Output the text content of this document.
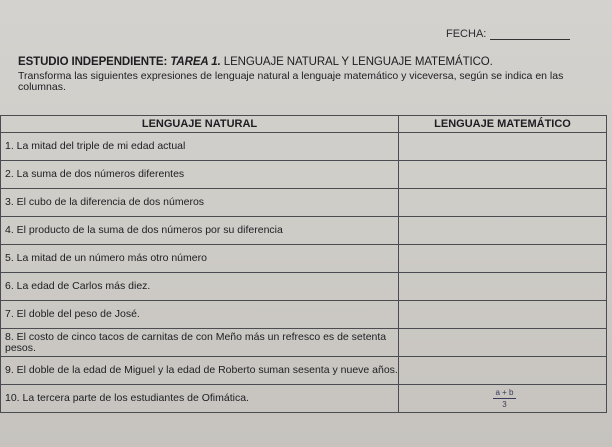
FECHA:
ESTUDIO INDEPENDIENTE: TAREA 1. LENGUAJE NATURAL Y LENGUAJE MATEMÁTICO.
Transforma las siguientes expresiones de lenguaje natural a lenguaje matemático y viceversa, según se indica en las columnas.
LENGUAJE NATURAL	LENGUAJE MATEMÁTICO
1. La mitad del triple de mi edad actual	
2. La suma de dos números diferentes	
3. El cubo de la diferencia de dos números	
4. El producto de la suma de dos números por su diferencia	
5. La mitad de un número más otro número	
6. La edad de Carlos más diez.	
7. El doble del peso de José.	
8. El costo de cinco tacos de carnitas de con Meño más un refresco es de setenta pesos.	
9. El doble de la edad de Miguel y la edad de Roberto suman sesenta y nueve años.	
10. La tercera parte de los estudiantes de Ofimática.	$\frac{a + b}{3}$
